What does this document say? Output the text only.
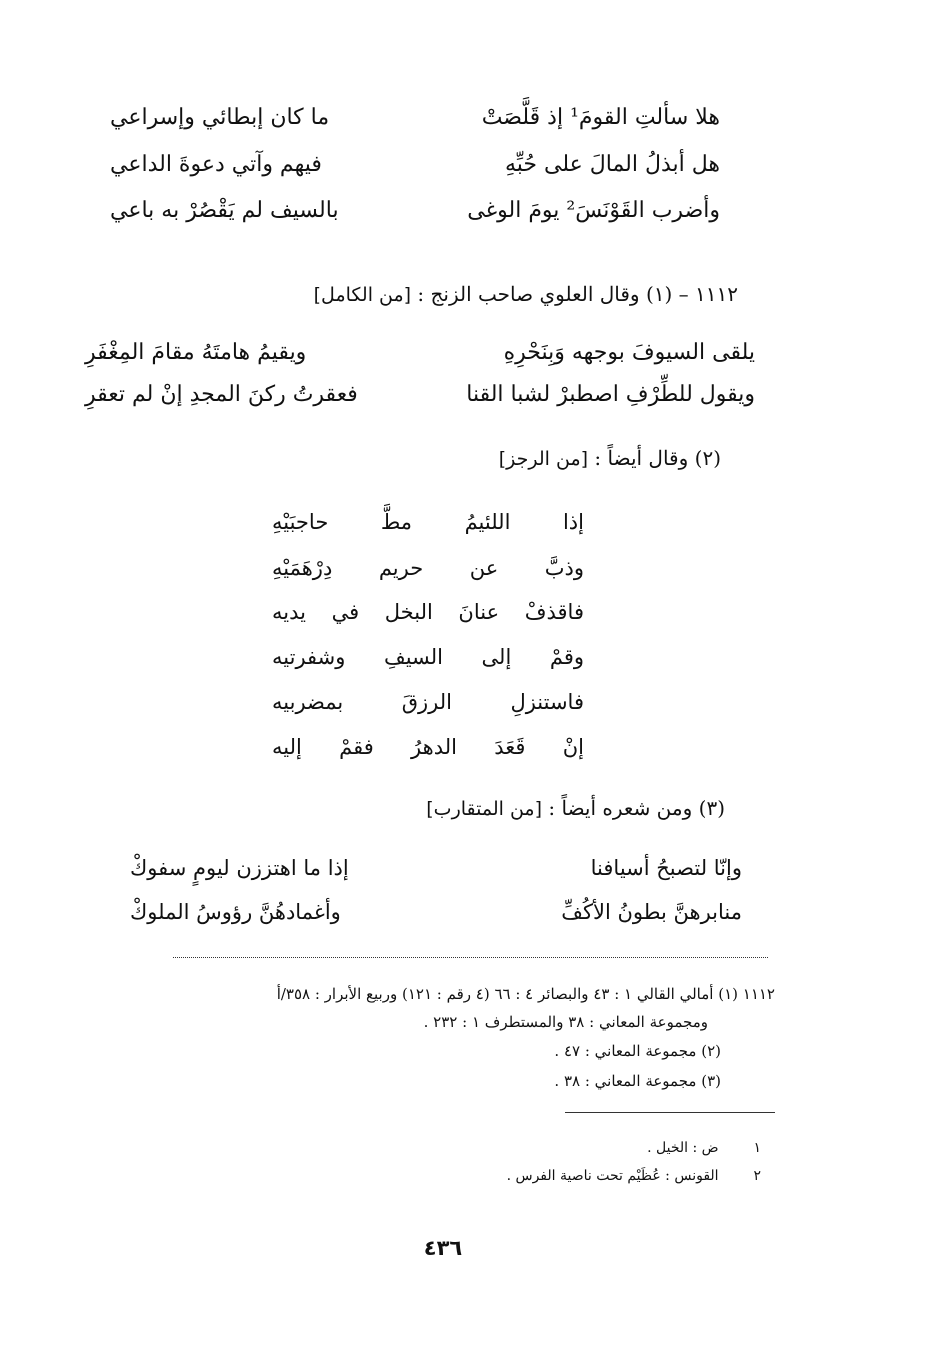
هلا سألتِ القومَ¹ إذ قَلَّصَتْ
ما كان إبطائي وإسراعي
هل أبذلُ المالَ على حُبِّهِ
فيهم وآتي دعوةَ الداعي
وأضرب القَوْنَسَ² يومَ الوغى
بالسيف لم يَقْصُرْ به باعي
١١١٢ – (١) وقال العلوي صاحب الزنج : [من الكامل]
يلقى السيوفَ بوجهه وَبِنَحْرِهِ
ويقيمُ هامتَهُ مقامَ المِغْفَرِ
ويقول للطِّرْفِ اصطبرْ لشبا القنا
فعقرتُ ركنَ المجدِ إنْ لم تعقرِ
(٢) وقال أيضاً : [من الرجز]
إذا
اللئيمُ
مطَّ
حاجبَيْهِ
وذبَّ
عن
حريم
دِرْهَمَيْهِ
فاقذفْ
عنانَ
البخل
في
يديه
وقمْ
إلى
السيفِ
وشفرتيه
فاستنزلِ
الرزقَ
بمضربيه
إنْ
قَعَدَ
الدهرُ
فقمْ
إليه
(٣) ومن شعره أيضاً : [من المتقارب]
وإنّا لتصبحُ أسيافنا
إذا ما اهتززن ليومٍ سفوكْ
منابرهنَّ بطونُ الأكُفِّ
وأغمادهُنَّ رؤوسُ الملوكْ
١١١٢ (١) أمالي القالي ١ : ٤٣ والبصائر ٤ : ٦٦ (٤ رقم : ١٢١) وربيع الأبرار : ٣٥٨/أ
ومجموعة المعاني : ٣٨ والمستطرف ١ : ٢٣٢ .
(٢) مجموعة المعاني : ٤٧ .
(٣) مجموعة المعاني : ٣٨ .
١  ض : الخيل .
٢  القونس : عُظَيْم تحت ناصية الفرس .
٤٣٦
